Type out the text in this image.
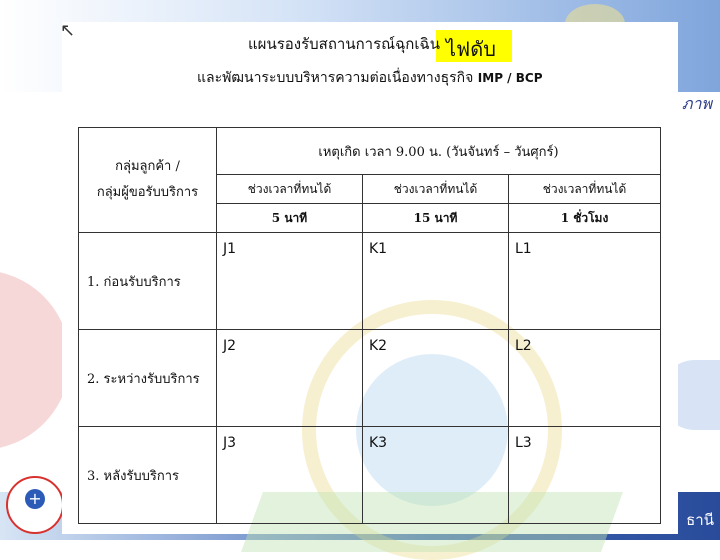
ภาพ
ธานี
+
↖
ไฟดับ
แผนรองรับสถานการณ์ฉุกเฉิน
และพัฒนาระบบบริหารความต่อเนื่องทางธุรกิจ IMP / BCP
กลุ่มลูกค้า /
กลุ่มผู้ขอรับบริการ	เหตุเกิด เวลา 9.00 น. (วันจันทร์ – วันศุกร์)		
	ช่วงเวลาที่ทนได้	ช่วงเวลาที่ทนได้	ช่วงเวลาที่ทนได้
	5 นาที	15 นาที	1 ชั่วโมง
1. ก่อนรับบริการ	J1	K1	L1
2. ระหว่างรับบริการ	J2	K2	L2
3. หลังรับบริการ	J3	K3	L3
